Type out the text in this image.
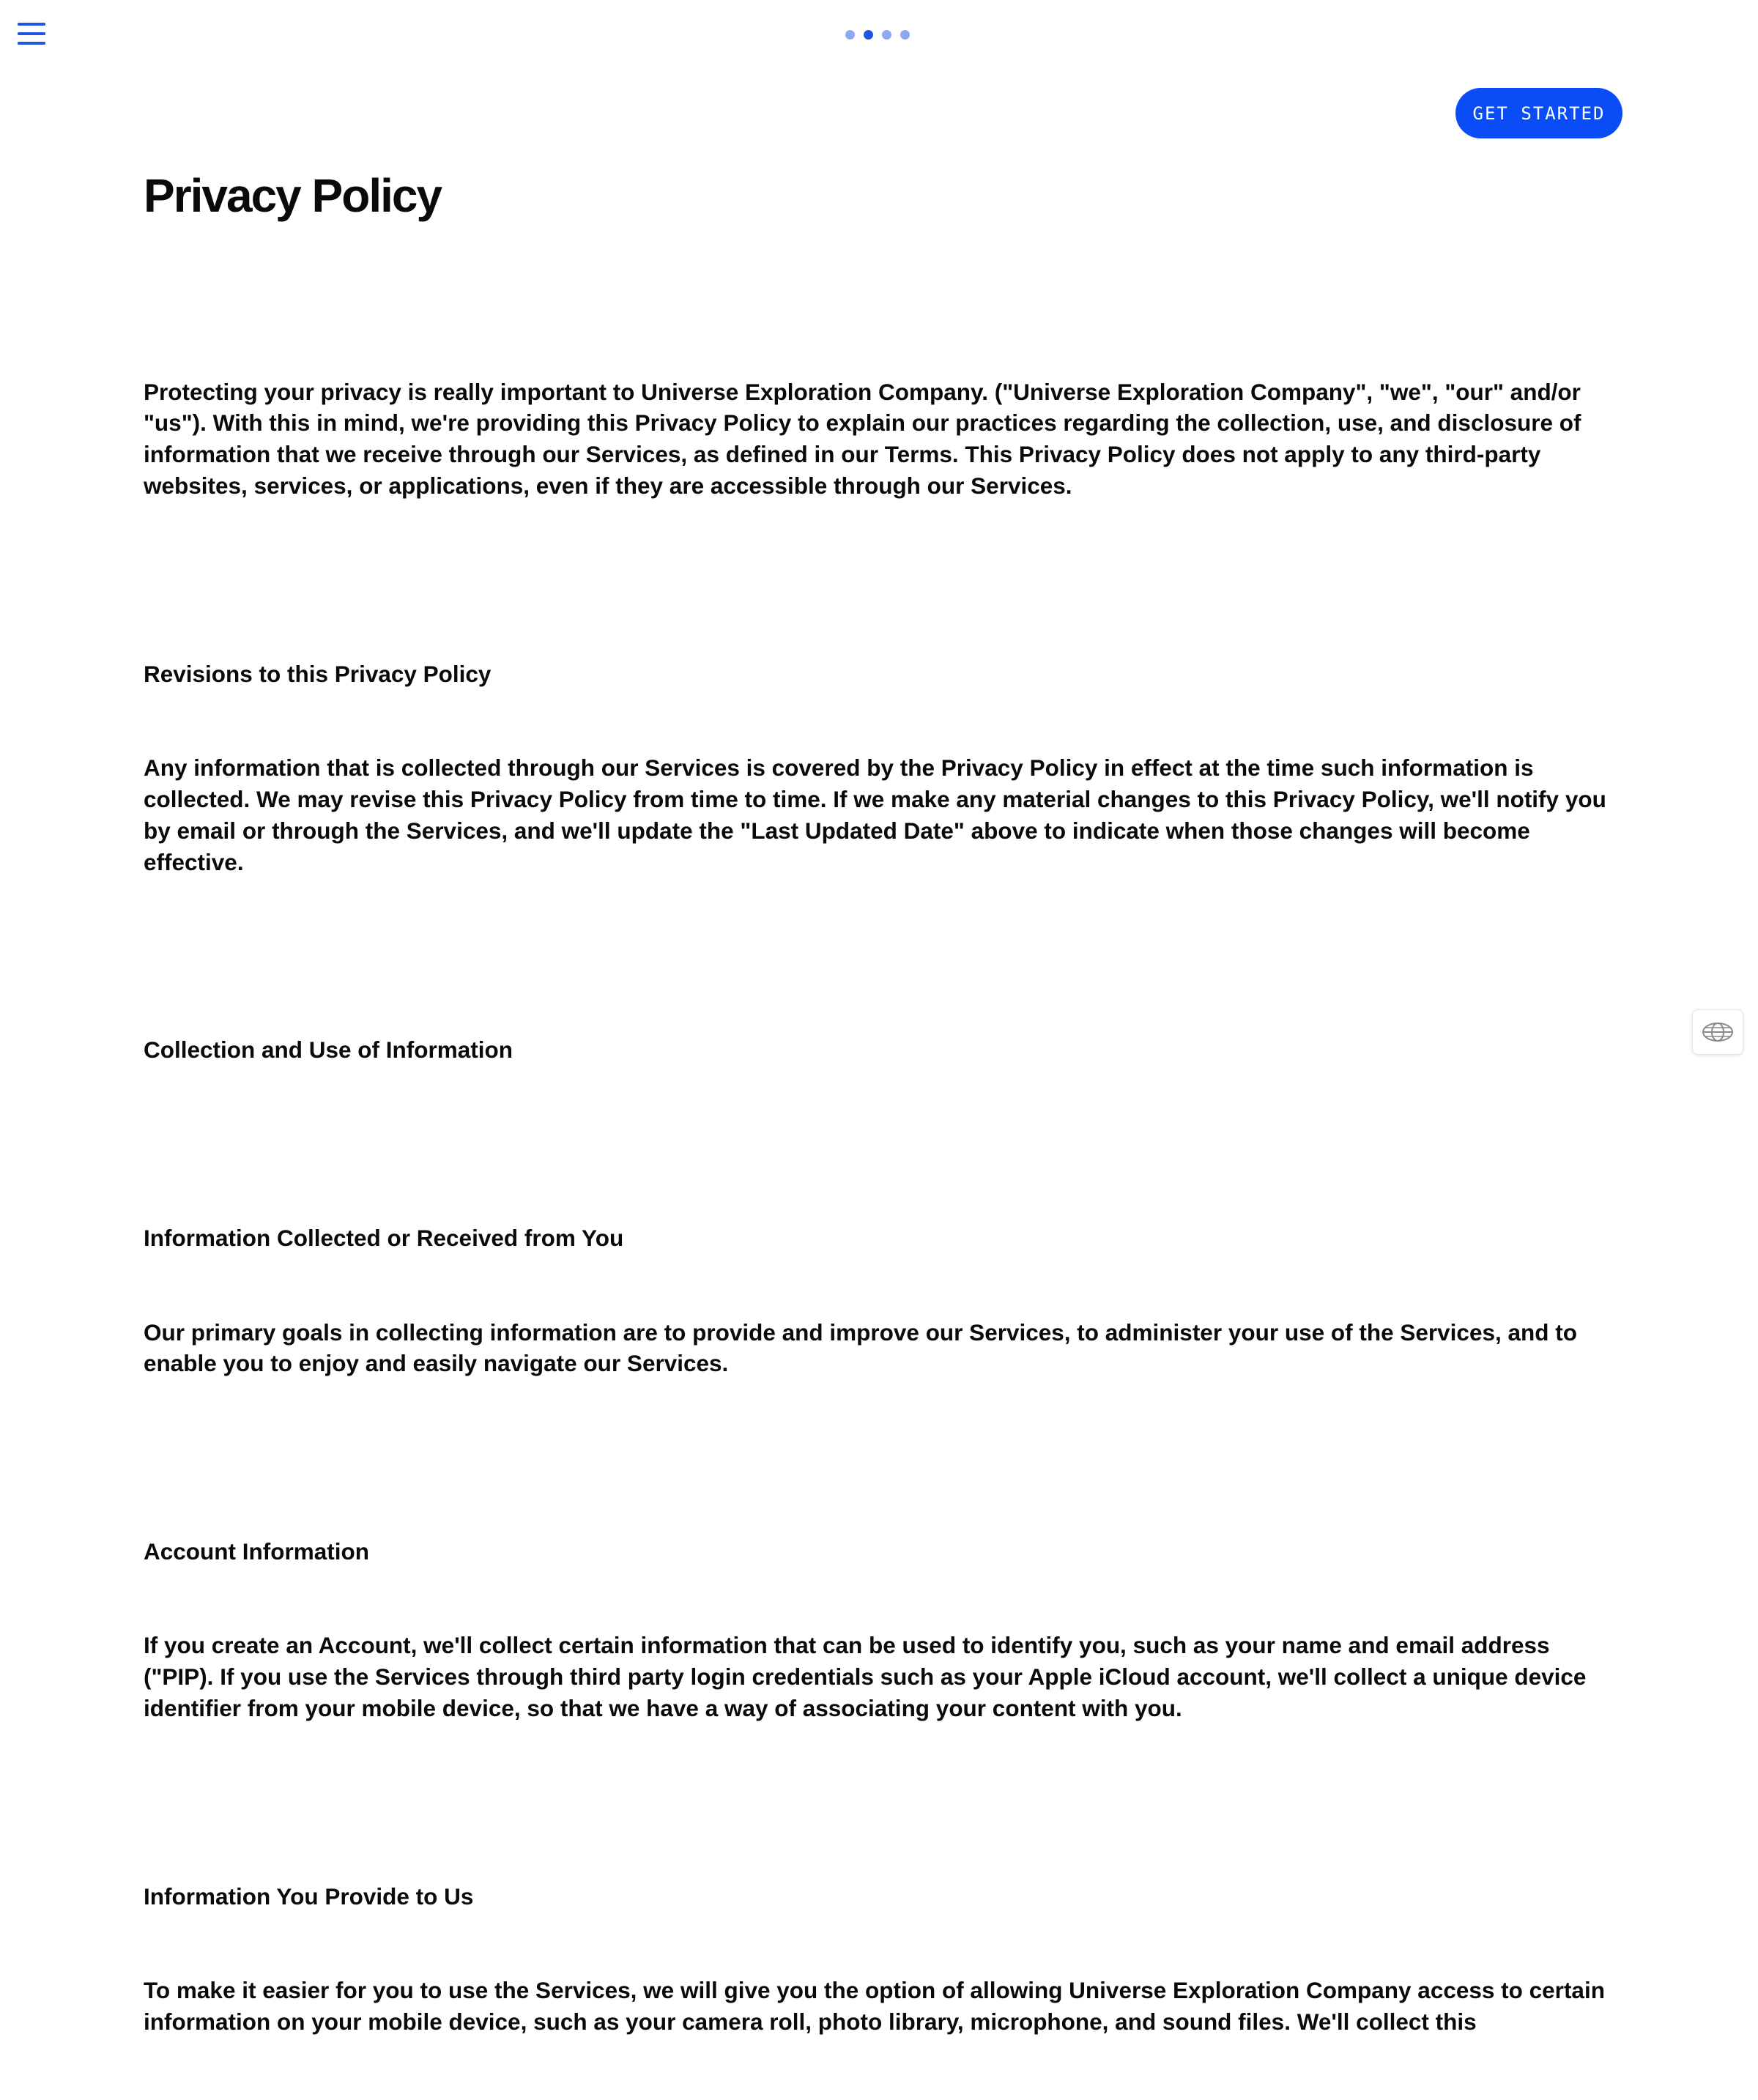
GET STARTED
Privacy Policy

Protecting your privacy is really important to Universe Exploration Company. ("Universe Exploration Company", "we", "our" and/or "us"). With this in mind, we're providing this Privacy Policy to explain our practices regarding the collection, use, and disclosure of information that we receive through our Services, as defined in our Terms. This Privacy Policy does not apply to any third-party websites, services, or applications, even if they are accessible through our Services.

Revisions to this Privacy Policy

Any information that is collected through our Services is covered by the Privacy Policy in effect at the time such information is collected. We may revise this Privacy Policy from time to time. If we make any material changes to this Privacy Policy, we'll notify you by email or through the Services, and we'll update the "Last Updated Date" above to indicate when those changes will become effective.

Collection and Use of Information

Information Collected or Received from You

Our primary goals in collecting information are to provide and improve our Services, to administer your use of the Services, and to enable you to enjoy and easily navigate our Services.

Account Information

If you create an Account, we'll collect certain information that can be used to identify you, such as your name and email address ("PIP). If you use the Services through third party login credentials such as your Apple iCloud account, we'll collect a unique device identifier from your mobile device, so that we have a way of associating your content with you.

Information You Provide to Us

To make it easier for you to use the Services, we will give you the option of allowing Universe Exploration Company access to certain information on your mobile device, such as your camera roll, photo library, microphone, and sound files. We'll collect this
